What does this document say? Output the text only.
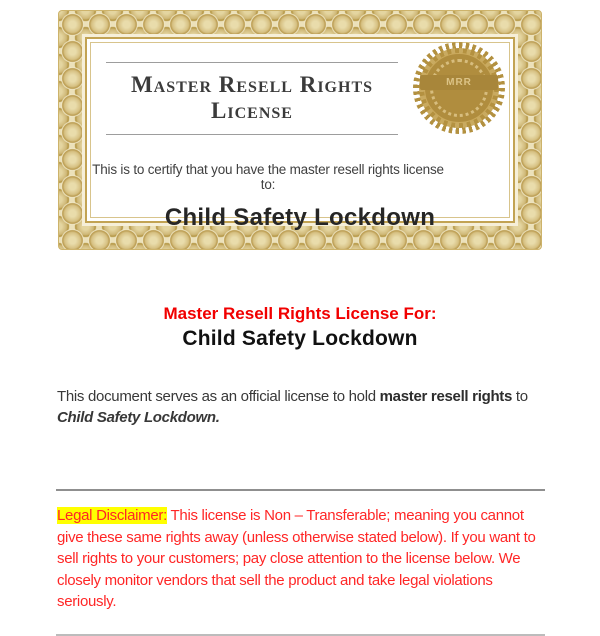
Master Resell Rights License
This is to certify that you have the master resell rights license to:
Child Safety Lockdown
MRR
Master Resell Rights License For:
Child Safety Lockdown

This document serves as an official license to hold master resell rights to
Child Safety Lockdown.

Legal Disclaimer: This license is Non – Transferable; meaning you cannot give these same rights away (unless otherwise stated below). If you want to sell rights to your customers; pay close attention to the license below. We closely monitor vendors that sell the product and take legal violations seriously.
